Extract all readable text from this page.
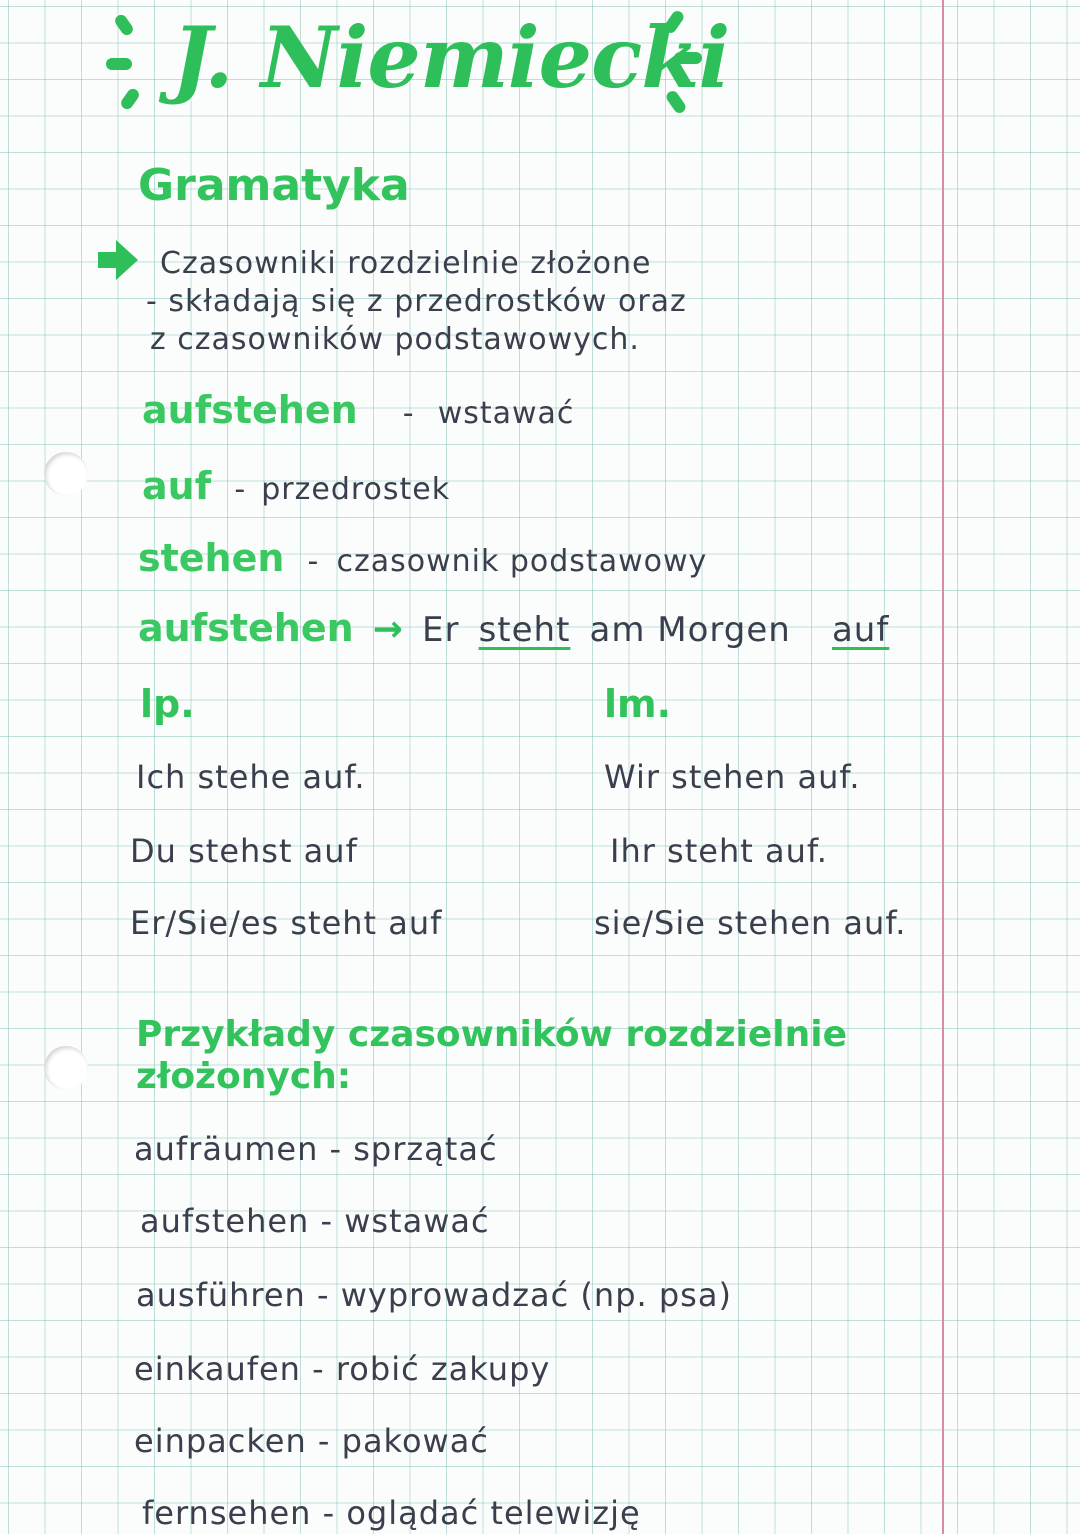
J. Niemiecki
Gramatyka
Czasowniki rozdzielnie złożone
- składają się z przedrostków oraz
z czasowników podstawowych.
aufstehen - wstawać
auf - przedrostek
stehen - czasownik podstawowy
aufstehen → Er steht am Morgen auf
lp.	lm.
Ich stehe auf.
Du stehst auf
Er/Sie/es steht auf
Wir stehen auf.
Ihr steht auf.
sie/Sie stehen auf.
Przykłady czasowników rozdzielnie
złożonych:
aufräumen - sprzątać
aufstehen - wstawać
ausführen - wyprowadzać (np. psa)
einkaufen - robić zakupy
einpacken - pakować
fernsehen - oglądać telewizję
